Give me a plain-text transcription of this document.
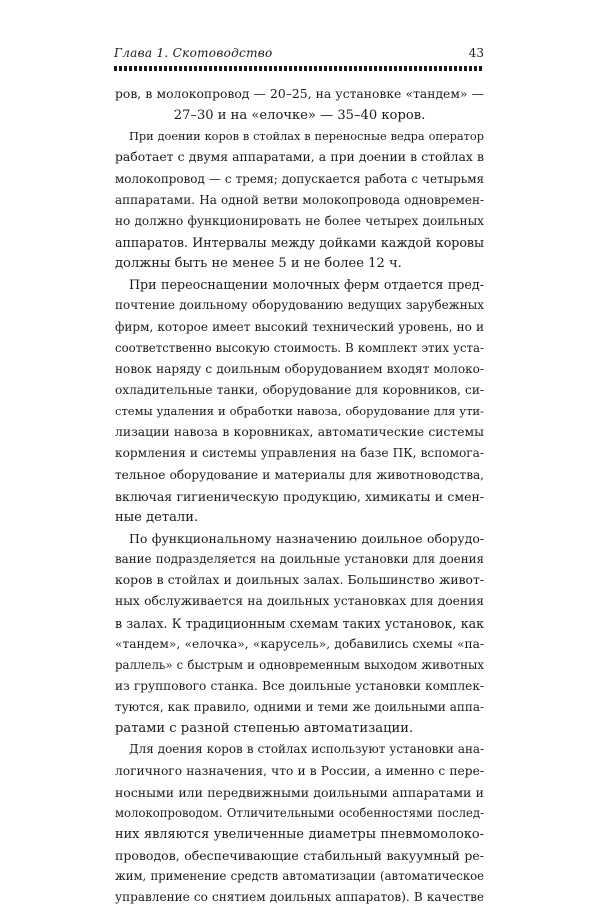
Глава 1. Скотоводство	43
ров, в молокопровод — 20–25, на установке «тандем» —
27–30 и на «елочке» — 35–40 коров.
При доении коров в стойлах в переносные ведра оператор
работает с двумя аппаратами, а при доении в стойлах в
молокопровод — с тремя; допускается работа с четырьмя
аппаратами. На одной ветви молокопровода одновремен-
но должно функционировать не более четырех доильных
аппаратов. Интервалы между дойками каждой коровы
должны быть не менее 5 и не более 12 ч.
При переоснащении молочных ферм отдается пред-
почтение доильному оборудованию ведущих зарубежных
фирм, которое имеет высокий технический уровень, но и
соответственно высокую стоимость. В комплект этих уста-
новок наряду с доильным оборудованием входят молоко-
охладительные танки, оборудование для коровников, си-
стемы удаления и обработки навоза, оборудование для ути-
лизации навоза в коровниках, автоматические системы
кормления и системы управления на базе ПК, вспомога-
тельное оборудование и материалы для животноводства,
включая гигиеническую продукцию, химикаты и смен-
ные детали.
По функциональному назначению доильное оборудо-
вание подразделяется на доильные установки для доения
коров в стойлах и доильных залах. Большинство живот-
ных обслуживается на доильных установках для доения
в залах. К традиционным схемам таких установок, как
«тандем», «елочка», «карусель», добавились схемы «па-
раллель» с быстрым и одновременным выходом животных
из группового станка. Все доильные установки комплек-
туются, как правило, одними и теми же доильными аппа-
ратами с разной степенью автоматизации.
Для доения коров в стойлах используют установки ана-
логичного назначения, что и в России, а именно с пере-
носными или передвижными доильными аппаратами и
молокопроводом. Отличительными особенностями послед-
них являются увеличенные диаметры пневмомолоко-
проводов, обеспечивающие стабильный вакуумный ре-
жим, применение средств автоматизации (автоматическое
управление со снятием доильных аппаратов). В качестве
